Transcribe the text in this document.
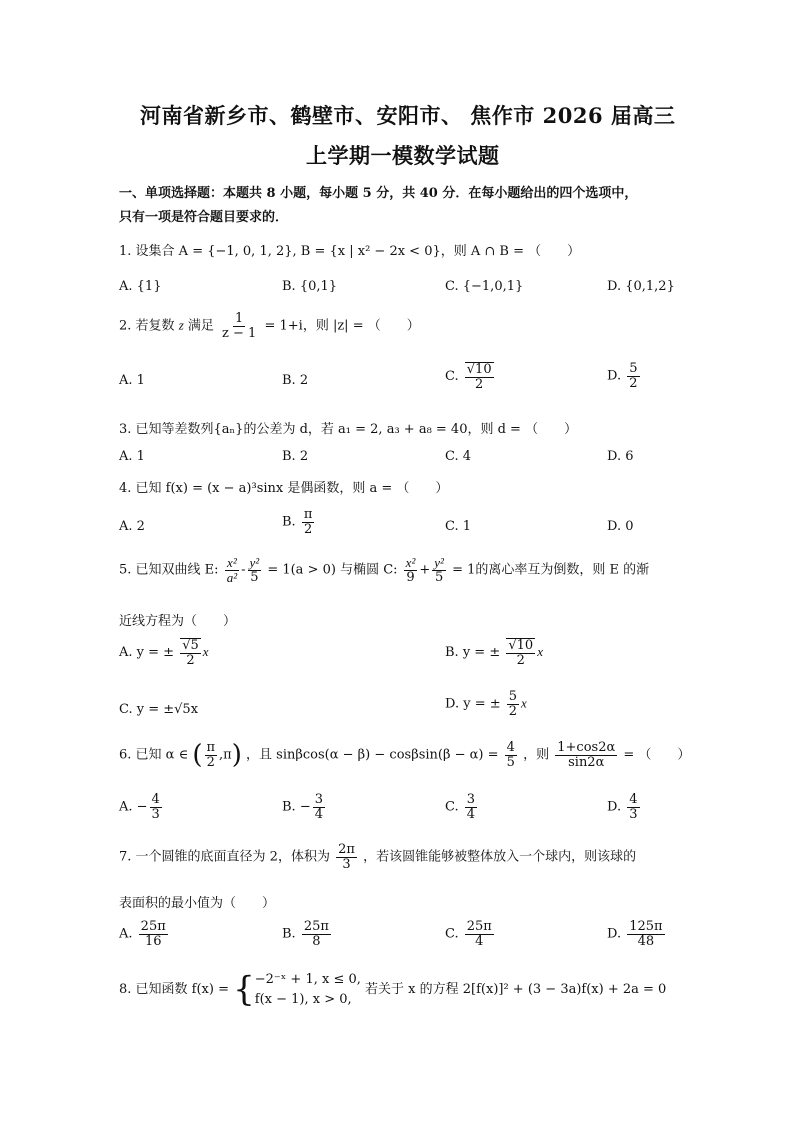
河南省新乡市、鹤壁市、安阳市、 焦作市 2026 届高三
上学期一模数学试题
一、单项选择题：本题共 8 小题，每小题 5 分，共 40 分．在每小题给出的四个选项中，
只有一项是符合题目要求的．
1. 设集合 A = {−1, 0, 1, 2}, B = {x | x² − 2x < 0}，则 A ∩ B = （　　）
A. {1}	B. {0,1}	C. {−1,0,1}	D. {0,1,2}
2. 若复数 z 满足 $\frac{1}{z - 1} = 1+i$，则 |z| = （　　）
A. 1	B. 2	C. $\frac{√10}{2}$	D. $\frac{5}{2}$
3. 已知等差数列{aₙ}的公差为 d，若 a₁ = 2, a₃ + a₈ = 40，则 d = （　　）
A. 1	B. 2	C. 4	D. 6
4. 已知 f(x) = (x − a)³sinx 是偶函数，则 a = （　　）
A. 2	B. $\frac{\pi}{2}$	C. 1	D. 0
5. 已知双曲线 E: $\frac{\text{x²}}{\text{a²}} - \frac{\text{y²}}{5} = 1(a > 0)$ 与椭圆 C: $\frac{\text{x²}}{9} + \frac{\text{y²}}{5} = 1$的离心率互为倒数，则 E 的渐
近线方程为（　　）
A. y = ± $\frac{√5}{2}$ x	B. y = ± $\frac{√10}{2}$ x
C. y = ±√5x	D. y = ± $\frac{5}{2}$ x
6. 已知 α ∈ ( $\frac{\pi}{2} ,\pi$) ，且 $\sin\beta\cos(\alpha - \beta) - \cos\beta\sin(\beta - \alpha) = \frac{4}{5}$ ，则 $\frac{1+\cos 2\alpha}{\sin 2\alpha}$ = （　　）
A. − $\frac{4}{3}$	B. − $\frac{3}{4}$	C. $\frac{3}{4}$	D. $\frac{4}{3}$
7. 一个圆锥的底面直径为 2，体积为 $\frac{2\pi}{3}$ ，若该圆锥能够被整体放入一个球内，则该球的
表面积的最小值为（　　）
A. $\frac{25\pi}{16}$	B. $\frac{25\pi}{8}$	C. $\frac{25\pi}{4}$	D. $\frac{125\pi}{48}$
8. 已知函数 f(x) = { −2⁻ˣ + 1, x ≤ 0,
f(x − 1), x > 0,
若关于 x 的方程 2[f(x)]² + (3 − 3a)f(x) + 2a = 0
